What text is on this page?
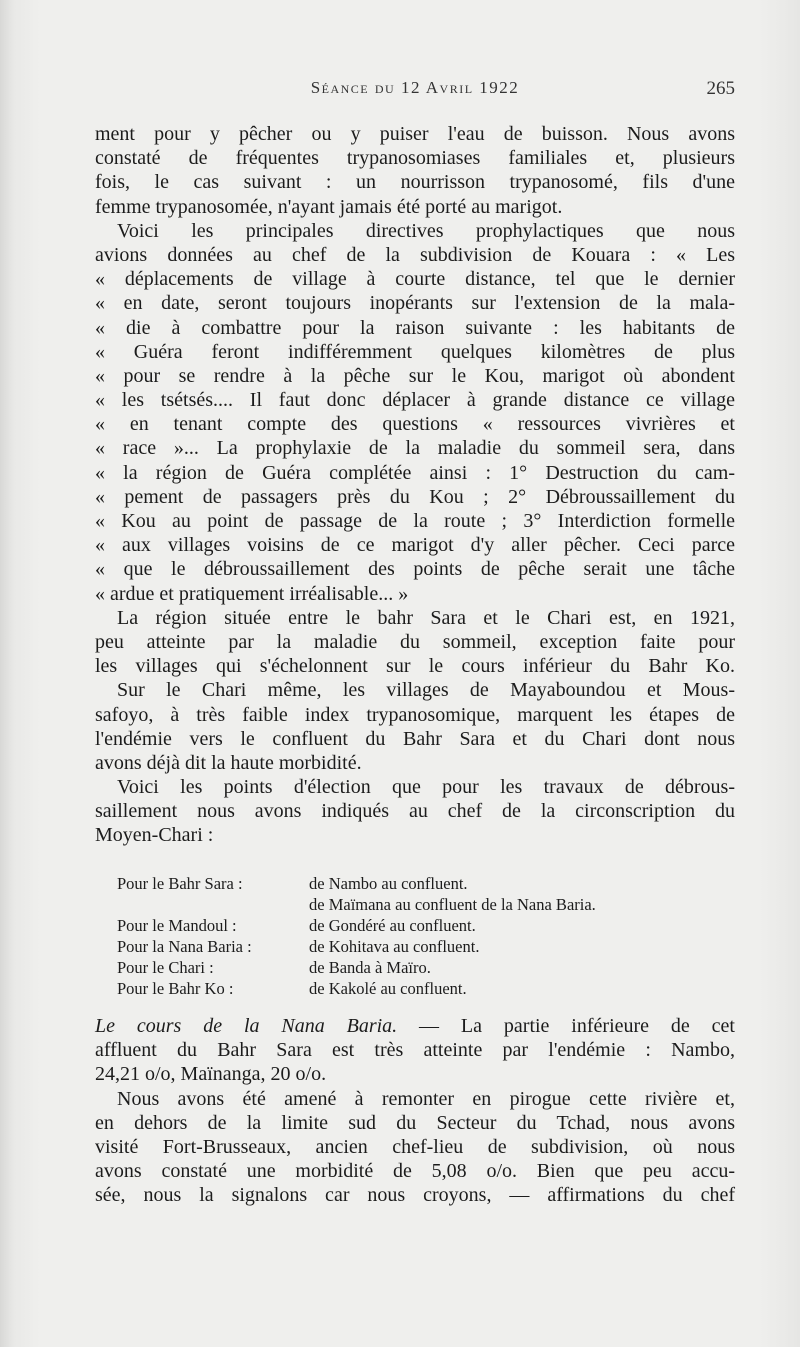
Séance du 12 Avril 1922	265
ment pour y pêcher ou y puiser l'eau de buisson. Nous avons
constaté de fréquentes trypanosomiases familiales et, plusieurs
fois, le cas suivant : un nourrisson trypanosomé, fils d'une
femme trypanosomée, n'ayant jamais été porté au marigot.
Voici les principales directives prophylactiques que nous
avions données au chef de la subdivision de Kouara : « Les
« déplacements de village à courte distance, tel que le dernier
« en date, seront toujours inopérants sur l'extension de la mala-
« die à combattre pour la raison suivante : les habitants de
« Guéra feront indifféremment quelques kilomètres de plus
« pour se rendre à la pêche sur le Kou, marigot où abondent
« les tsétsés.... Il faut donc déplacer à grande distance ce village
« en tenant compte des questions « ressources vivrières et
« race »... La prophylaxie de la maladie du sommeil sera, dans
« la région de Guéra complétée ainsi : 1° Destruction du cam-
« pement de passagers près du Kou ; 2° Débroussaillement du
« Kou au point de passage de la route ; 3° Interdiction formelle
« aux villages voisins de ce marigot d'y aller pêcher. Ceci parce
« que le débroussaillement des points de pêche serait une tâche
« ardue et pratiquement irréalisable... »
La région située entre le bahr Sara et le Chari est, en 1921,
peu atteinte par la maladie du sommeil, exception faite pour
les villages qui s'échelonnent sur le cours inférieur du Bahr Ko.
Sur le Chari même, les villages de Mayaboundou et Mous-
safoyo, à très faible index trypanosomique, marquent les étapes de
l'endémie vers le confluent du Bahr Sara et du Chari dont nous
avons déjà dit la haute morbidité.
Voici les points d'élection que pour les travaux de débrous-
saillement nous avons indiqués au chef de la circonscription du
Moyen-Chari :
Pour le Bahr Sara :	de Nambo au confluent.
de Maïmana au confluent de la Nana Baria.
Pour le Mandoul :	de Gondéré au confluent.
Pour la Nana Baria :	de Kohitava au confluent.
Pour le Chari :	de Banda à Maïro.
Pour le Bahr Ko :	de Kakolé au confluent.
Le cours de la Nana Baria. — La partie inférieure de cet
affluent du Bahr Sara est très atteinte par l'endémie : Nambo,
24,21 o/o, Maïnanga, 20 o/o.
Nous avons été amené à remonter en pirogue cette rivière et,
en dehors de la limite sud du Secteur du Tchad, nous avons
visité Fort-Brusseaux, ancien chef-lieu de subdivision, où nous
avons constaté une morbidité de 5,08 o/o. Bien que peu accu-
sée, nous la signalons car nous croyons, — affirmations du chef
